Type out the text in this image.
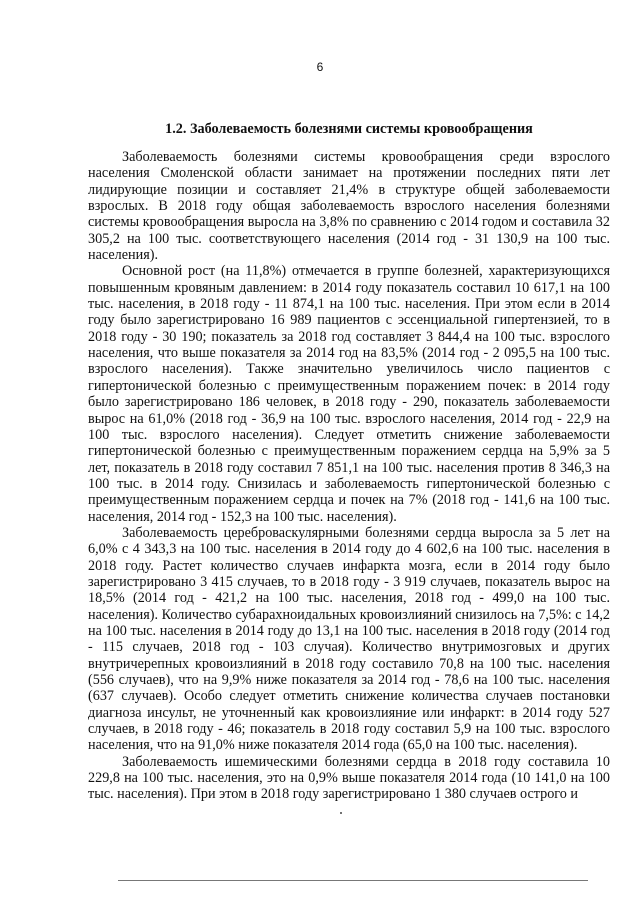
6
1.2. Заболеваемость болезнями системы кровообращения

Заболеваемость болезнями системы кровообращения среди взрослого населения Смоленской области занимает на протяжении последних пяти лет лидирующие позиции и составляет 21,4% в структуре общей заболеваемости взрослых. В 2018 году общая заболеваемость взрослого населения болезнями системы кровообращения выросла на 3,8% по сравнению с 2014 годом и составила 32 305,2 на 100 тыс. соответствующего населения (2014 год - 31 130,9 на 100 тыс. населения).

Основной рост (на 11,8%) отмечается в группе болезней, характеризующихся повышенным кровяным давлением: в 2014 году показатель составил 10 617,1 на 100 тыс. населения, в 2018 году - 11 874,1 на 100 тыс. населения. При этом если в 2014 году было зарегистрировано 16 989 пациентов с эссенциальной гипертензией, то в 2018 году - 30 190; показатель за 2018 год составляет 3 844,4 на 100 тыс. взрослого населения, что выше показателя за 2014 год на 83,5% (2014 год - 2 095,5 на 100 тыс. взрослого населения). Также значительно увеличилось число пациентов с гипертонической болезнью с преимущественным поражением почек: в 2014 году было зарегистрировано 186 человек, в 2018 году - 290, показатель заболеваемости вырос на 61,0% (2018 год - 36,9 на 100 тыс. взрослого населения, 2014 год - 22,9 на 100 тыс. взрослого населения). Следует отметить снижение заболеваемости гипертонической болезнью с преимущественным поражением сердца на 5,9% за 5 лет, показатель в 2018 году составил 7 851,1 на 100 тыс. населения против 8 346,3 на 100 тыс. в 2014 году. Снизилась и заболеваемость гипертонической болезнью с преимущественным поражением сердца и почек на 7% (2018 год - 141,6 на 100 тыс. населения, 2014 год - 152,3 на 100 тыс. населения).

Заболеваемость цереброваскулярными болезнями сердца выросла за 5 лет на 6,0% с 4 343,3 на 100 тыс. населения в 2014 году до 4 602,6 на 100 тыс. населения в 2018 году. Растет количество случаев инфаркта мозга, если в 2014 году было зарегистрировано 3 415 случаев, то в 2018 году - 3 919 случаев, показатель вырос на 18,5% (2014 год - 421,2 на 100 тыс. населения, 2018 год - 499,0 на 100 тыс. населения). Количество субарахноидальных кровоизлияний снизилось на 7,5%: с 14,2 на 100 тыс. населения в 2014 году до 13,1 на 100 тыс. населения в 2018 году (2014 год - 115 случаев, 2018 год - 103 случая). Количество внутримозговых и других внутричерепных кровоизлияний в 2018 году составило 70,8 на 100 тыс. населения (556 случаев), что на 9,9% ниже показателя за 2014 год - 78,6 на 100 тыс. населения (637 случаев). Особо следует отметить снижение количества случаев постановки диагноза инсульт, не уточненный как кровоизлияние или инфаркт: в 2014 году 527 случаев, в 2018 году - 46; показатель в 2018 году составил 5,9 на 100 тыс. взрослого населения, что на 91,0% ниже показателя 2014 года (65,0 на 100 тыс. населения).

Заболеваемость ишемическими болезнями сердца в 2018 году составила 10 229,8 на 100 тыс. населения, это на 0,9% выше показателя 2014 года (10 141,0 на 100 тыс. населения). При этом в 2018 году зарегистрировано 1 380 случаев острого и
